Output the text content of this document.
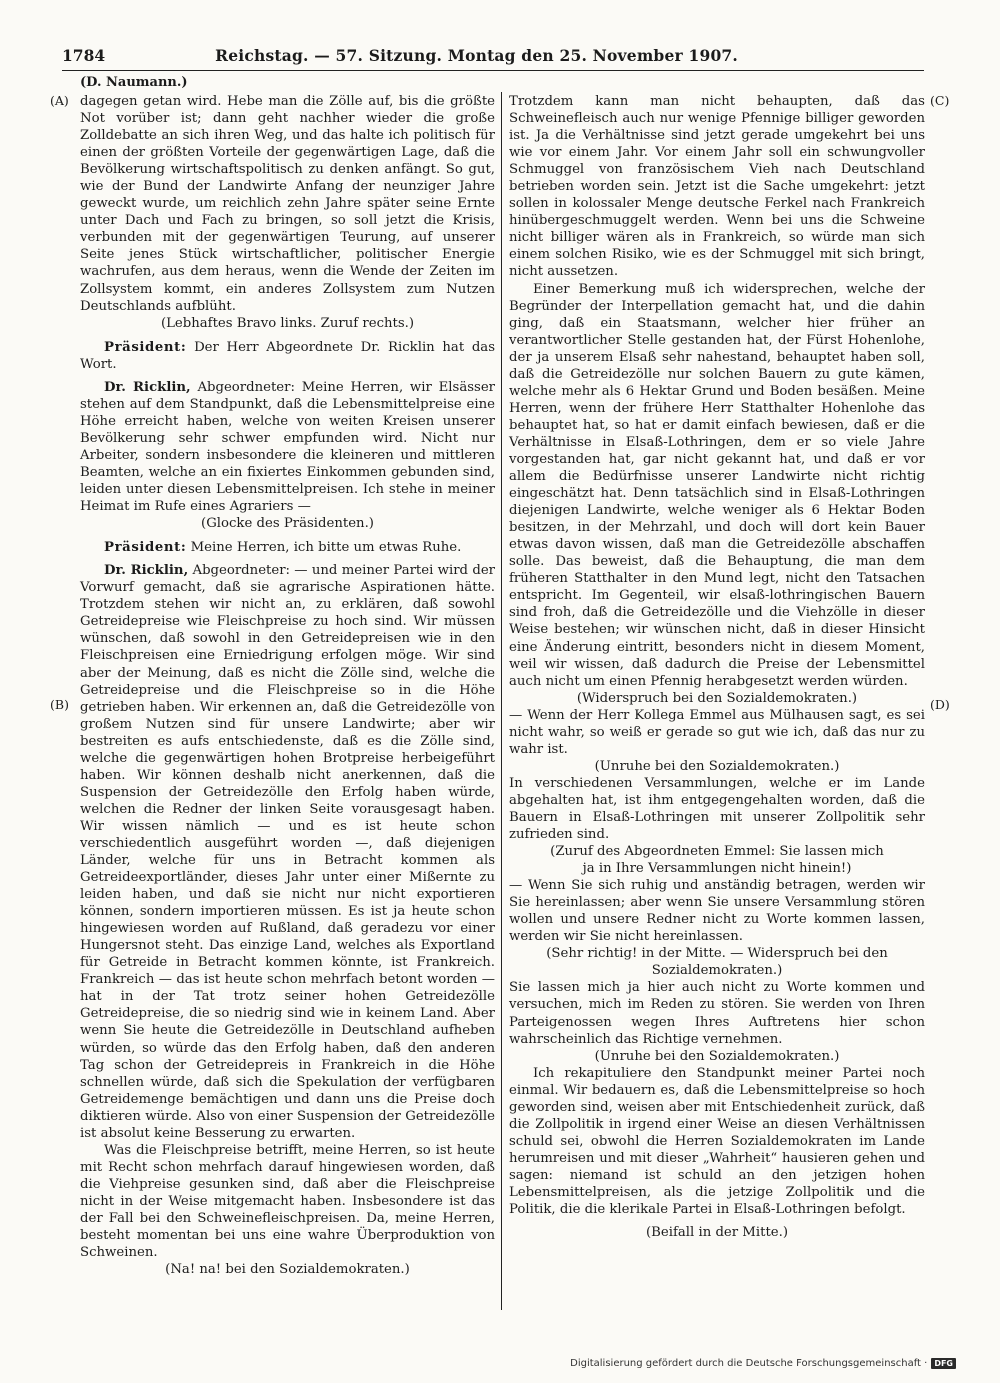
1784	Reichstag. — 57. Sitzung. Montag den 25. November 1907.
(D. Naumann.)
(A)
(B)
(C)
(D)

dagegen getan wird. Hebe man die Zölle auf, bis die größte Not vorüber ist; dann geht nachher wieder die große Zolldebatte an sich ihren Weg, und das halte ich politisch für einen der größten Vorteile der gegenwärtigen Lage, daß die Bevölkerung wirtschaftspolitisch zu denken anfängt. So gut, wie der Bund der Landwirte Anfang der neunziger Jahre geweckt wurde, um reichlich zehn Jahre später seine Ernte unter Dach und Fach zu bringen, so soll jetzt die Krisis, verbunden mit der gegenwärtigen Teurung, auf unserer Seite jenes Stück wirtschaftlicher, politischer Energie wachrufen, aus dem heraus, wenn die Wende der Zeiten im Zollsystem kommt, ein anderes Zollsystem zum Nutzen Deutschlands aufblüht.

(Lebhaftes Bravo links. Zuruf rechts.)

Präsident: Der Herr Abgeordnete Dr. Ricklin hat das Wort.

Dr. Ricklin, Abgeordneter: Meine Herren, wir Elsässer stehen auf dem Standpunkt, daß die Lebensmittelpreise eine Höhe erreicht haben, welche von weiten Kreisen unserer Bevölkerung sehr schwer empfunden wird. Nicht nur Arbeiter, sondern insbesondere die kleineren und mittleren Beamten, welche an ein fixiertes Einkommen gebunden sind, leiden unter diesen Lebensmittelpreisen. Ich stehe in meiner Heimat im Rufe eines Agrariers —

(Glocke des Präsidenten.)

Präsident: Meine Herren, ich bitte um etwas Ruhe.

Dr. Ricklin, Abgeordneter: — und meiner Partei wird der Vorwurf gemacht, daß sie agrarische Aspirationen hätte. Trotzdem stehen wir nicht an, zu erklären, daß sowohl Getreidepreise wie Fleischpreise zu hoch sind. Wir müssen wünschen, daß sowohl in den Getreidepreisen wie in den Fleischpreisen eine Erniedrigung erfolgen möge. Wir sind aber der Meinung, daß es nicht die Zölle sind, welche die Getreidepreise und die Fleischpreise so in die Höhe getrieben haben. Wir erkennen an, daß die Getreidezölle von großem Nutzen sind für unsere Landwirte; aber wir bestreiten es aufs entschiedenste, daß es die Zölle sind, welche die gegenwärtigen hohen Brotpreise herbeigeführt haben. Wir können deshalb nicht anerkennen, daß die Suspension der Getreidezölle den Erfolg haben würde, welchen die Redner der linken Seite vorausgesagt haben. Wir wissen nämlich — und es ist heute schon verschiedentlich ausgeführt worden —, daß diejenigen Länder, welche für uns in Betracht kommen als Getreideexportländer, dieses Jahr unter einer Mißernte zu leiden haben, und daß sie nicht nur nicht exportieren können, sondern importieren müssen. Es ist ja heute schon hingewiesen worden auf Rußland, daß geradezu vor einer Hungersnot steht. Das einzige Land, welches als Exportland für Getreide in Betracht kommen könnte, ist Frankreich. Frankreich — das ist heute schon mehrfach betont worden — hat in der Tat trotz seiner hohen Getreidezölle Getreidepreise, die so niedrig sind wie in keinem Land. Aber wenn Sie heute die Getreidezölle in Deutschland aufheben würden, so würde das den Erfolg haben, daß den anderen Tag schon der Getreidepreis in Frankreich in die Höhe schnellen würde, daß sich die Spekulation der verfügbaren Getreidemenge bemächtigen und dann uns die Preise doch diktieren würde. Also von einer Suspension der Getreidezölle ist absolut keine Besserung zu erwarten.

Was die Fleischpreise betrifft, meine Herren, so ist heute mit Recht schon mehrfach darauf hingewiesen worden, daß die Viehpreise gesunken sind, daß aber die Fleischpreise nicht in der Weise mitgemacht haben. Insbesondere ist das der Fall bei den Schweinefleischpreisen. Da, meine Herren, besteht momentan bei uns eine wahre Überproduktion von Schweinen.

(Na! na! bei den Sozialdemokraten.)

Trotzdem kann man nicht behaupten, daß das Schweinefleisch auch nur wenige Pfennige billiger geworden ist. Ja die Verhältnisse sind jetzt gerade umgekehrt bei uns wie vor einem Jahr. Vor einem Jahr soll ein schwungvoller Schmuggel von französischem Vieh nach Deutschland betrieben worden sein. Jetzt ist die Sache umgekehrt: jetzt sollen in kolossaler Menge deutsche Ferkel nach Frankreich hinübergeschmuggelt werden. Wenn bei uns die Schweine nicht billiger wären als in Frankreich, so würde man sich einem solchen Risiko, wie es der Schmuggel mit sich bringt, nicht aussetzen.

Einer Bemerkung muß ich widersprechen, welche der Begründer der Interpellation gemacht hat, und die dahin ging, daß ein Staatsmann, welcher hier früher an verantwortlicher Stelle gestanden hat, der Fürst Hohenlohe, der ja unserem Elsaß sehr nahestand, behauptet haben soll, daß die Getreidezölle nur solchen Bauern zu gute kämen, welche mehr als 6 Hektar Grund und Boden besäßen. Meine Herren, wenn der frühere Herr Statthalter Hohenlohe das behauptet hat, so hat er damit einfach bewiesen, daß er die Verhältnisse in Elsaß-Lothringen, dem er so viele Jahre vorgestanden hat, gar nicht gekannt hat, und daß er vor allem die Bedürfnisse unserer Landwirte nicht richtig eingeschätzt hat. Denn tatsächlich sind in Elsaß-Lothringen diejenigen Landwirte, welche weniger als 6 Hektar Boden besitzen, in der Mehrzahl, und doch will dort kein Bauer etwas davon wissen, daß man die Getreidezölle abschaffen solle. Das beweist, daß die Behauptung, die man dem früheren Statthalter in den Mund legt, nicht den Tatsachen entspricht. Im Gegenteil, wir elsaß-lothringischen Bauern sind froh, daß die Getreidezölle und die Viehzölle in dieser Weise bestehen; wir wünschen nicht, daß in dieser Hinsicht eine Änderung eintritt, besonders nicht in diesem Moment, weil wir wissen, daß dadurch die Preise der Lebensmittel auch nicht um einen Pfennig herabgesetzt werden würden.

(Widerspruch bei den Sozialdemokraten.)

— Wenn der Herr Kollega Emmel aus Mülhausen sagt, es sei nicht wahr, so weiß er gerade so gut wie ich, daß das nur zu wahr ist.

(Unruhe bei den Sozialdemokraten.)

In verschiedenen Versammlungen, welche er im Lande abgehalten hat, ist ihm entgegengehalten worden, daß die Bauern in Elsaß-Lothringen mit unserer Zollpolitik sehr zufrieden sind.

(Zuruf des Abgeordneten Emmel: Sie lassen mich

ja in Ihre Versammlungen nicht hinein!)

— Wenn Sie sich ruhig und anständig betragen, werden wir Sie hereinlassen; aber wenn Sie unsere Versammlung stören wollen und unsere Redner nicht zu Worte kommen lassen, werden wir Sie nicht hereinlassen.

(Sehr richtig! in der Mitte. — Widerspruch bei den

Sozialdemokraten.)

Sie lassen mich ja hier auch nicht zu Worte kommen und versuchen, mich im Reden zu stören. Sie werden von Ihren Parteigenossen wegen Ihres Auftretens hier schon wahrscheinlich das Richtige vernehmen.

(Unruhe bei den Sozialdemokraten.)

Ich rekapituliere den Standpunkt meiner Partei noch einmal. Wir bedauern es, daß die Lebensmittelpreise so hoch geworden sind, weisen aber mit Entschiedenheit zurück, daß die Zollpolitik in irgend einer Weise an diesen Verhältnissen schuld sei, obwohl die Herren Sozialdemokraten im Lande herumreisen und mit dieser „Wahrheit“ hausieren gehen und sagen: niemand ist schuld an den jetzigen hohen Lebensmittelpreisen, als die jetzige Zollpolitik und die Politik, die die klerikale Partei in Elsaß-Lothringen befolgt.

(Beifall in der Mitte.)

Digitalisierung gefördert durch die Deutsche Forschungsgemeinschaft · DFG
